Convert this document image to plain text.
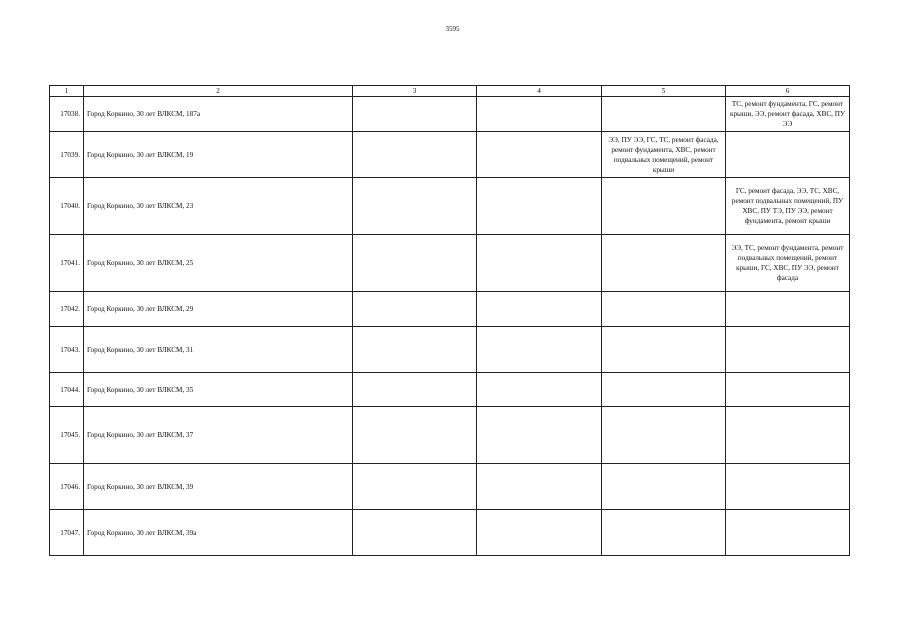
3595
1	2	3	4	5	6
17038.	Город Коркино, 30 лет ВЛКСМ, 187а				ТС, ремонт фундамента, ГС, ремонт крыши, ЭЭ, ремонт фасада, ХВС, ПУ ЭЭ
17039.	Город Коркино, 30 лет ВЛКСМ, 19			ЭЭ, ПУ ЭЭ, ГС, ТС, ремонт фасада, ремонт фундамента, ХВС, ремонт подвальных помещений, ремонт крыши	
17040.	Город Коркино, 30 лет ВЛКСМ, 23				ГС, ремонт фасада, ЭЭ, ТС, ХВС, ремонт подвальных помещений, ПУ ХВС, ПУ ТЭ, ПУ ЭЭ, ремонт фундамента, ремонт крыши
17041.	Город Коркино, 30 лет ВЛКСМ, 25				ЭЭ, ТС, ремонт фундамента, ремонт подвальных помещений, ремонт крыши, ГС, ХВС, ПУ ЭЭ, ремонт фасада
17042.	Город Коркино, 30 лет ВЛКСМ, 29				
17043.	Город Коркино, 30 лет ВЛКСМ, 31				
17044.	Город Коркино, 30 лет ВЛКСМ, 35				
17045.	Город Коркино, 30 лет ВЛКСМ, 37				
17046.	Город Коркино, 30 лет ВЛКСМ, 39				
17047.	Город Коркино, 30 лет ВЛКСМ, 39а				
